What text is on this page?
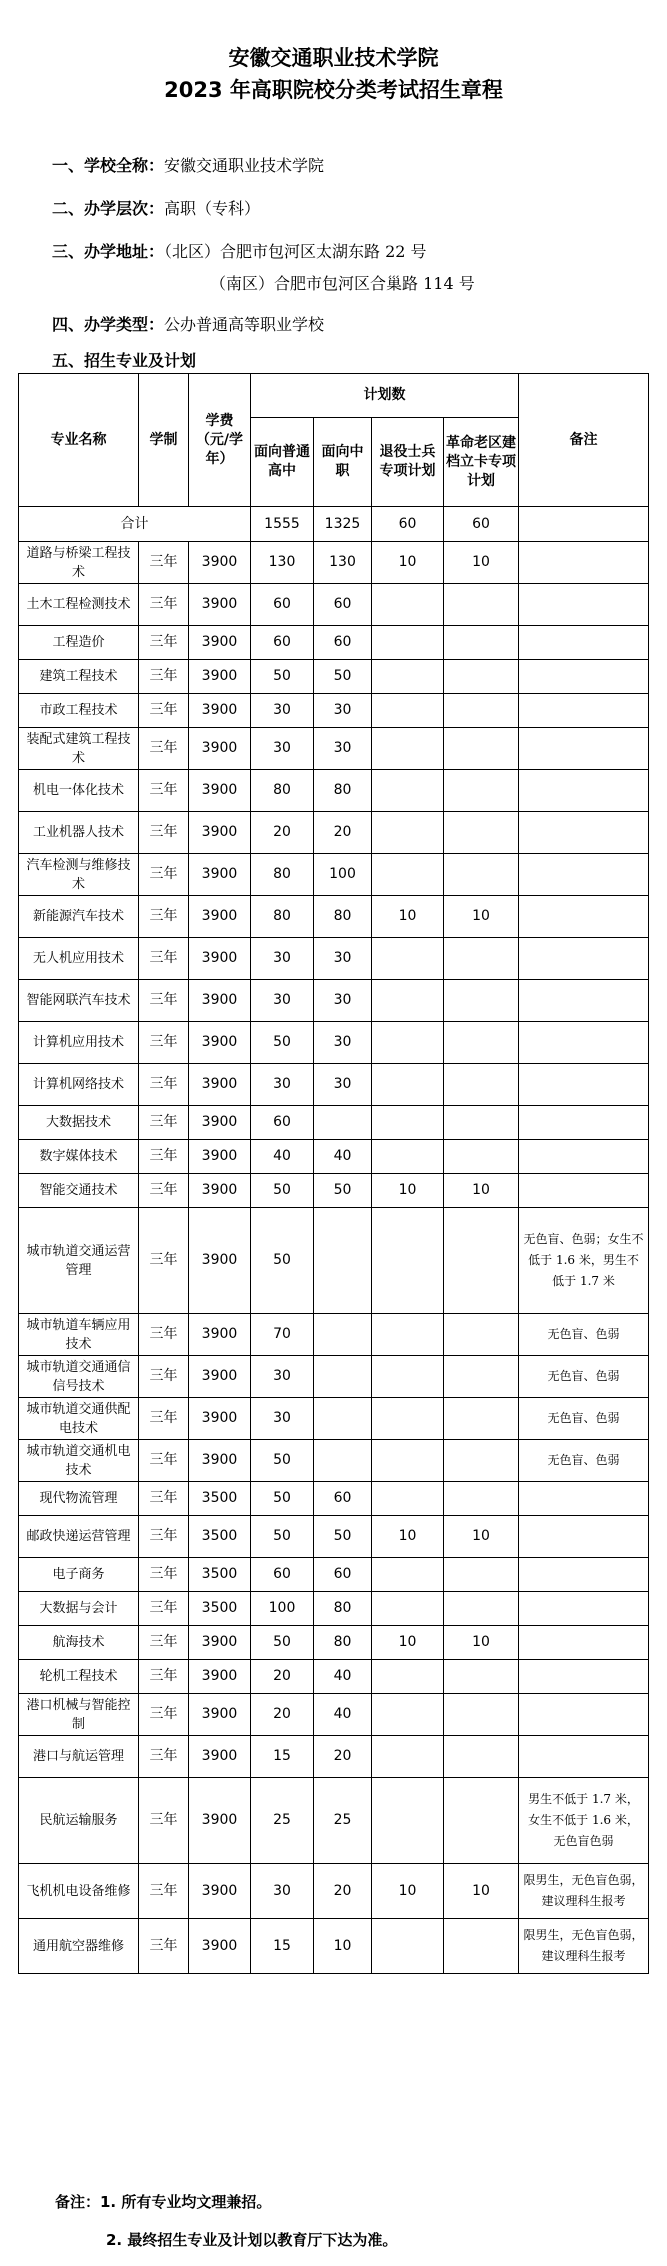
安徽交通职业技术学院
2023 年高职院校分类考试招生章程
一、学校全称：安徽交通职业技术学院
二、办学层次：高职（专科）
三、办学地址：（北区）合肥市包河区太湖东路 22 号
（南区）合肥市包河区合巢路 114 号
四、办学类型：公办普通高等职业学校
五、招生专业及计划
专业名称	学制	学费（元/学年）	计划数				备注
			面向普通高中	面向中职	退役士兵专项计划	革命老区建档立卡专项计划	
合计			1555	1325	60	60	
道路与桥梁工程技术	三年	3900	130	130	10	10	
土木工程检测技术	三年	3900	60	60			
工程造价	三年	3900	60	60			
建筑工程技术	三年	3900	50	50			
市政工程技术	三年	3900	30	30			
装配式建筑工程技术	三年	3900	30	30			
机电一体化技术	三年	3900	80	80			
工业机器人技术	三年	3900	20	20			
汽车检测与维修技术	三年	3900	80	100			
新能源汽车技术	三年	3900	80	80	10	10	
无人机应用技术	三年	3900	30	30			
智能网联汽车技术	三年	3900	30	30			
计算机应用技术	三年	3900	50	30			
计算机网络技术	三年	3900	30	30			
大数据技术	三年	3900	60				
数字媒体技术	三年	3900	40	40			
智能交通技术	三年	3900	50	50	10	10	
城市轨道交通运营管理	三年	3900	50				无色盲、色弱；女生不低于 1.6 米，男生不低于 1.7 米
城市轨道车辆应用技术	三年	3900	70				无色盲、色弱
城市轨道交通通信信号技术	三年	3900	30				无色盲、色弱
城市轨道交通供配电技术	三年	3900	30				无色盲、色弱
城市轨道交通机电技术	三年	3900	50				无色盲、色弱
现代物流管理	三年	3500	50	60			
邮政快递运营管理	三年	3500	50	50	10	10	
电子商务	三年	3500	60	60			
大数据与会计	三年	3500	100	80			
航海技术	三年	3900	50	80	10	10	
轮机工程技术	三年	3900	20	40			
港口机械与智能控制	三年	3900	20	40			
港口与航运管理	三年	3900	15	20			
民航运输服务	三年	3900	25	25			男生不低于 1.7 米，女生不低于 1.6 米，无色盲色弱
飞机机电设备维修	三年	3900	30	20	10	10	限男生，无色盲色弱，建议理科生报考
通用航空器维修	三年	3900	15	10			限男生，无色盲色弱，建议理科生报考
备注：1. 所有专业均文理兼招。
2. 最终招生专业及计划以教育厅下达为准。
